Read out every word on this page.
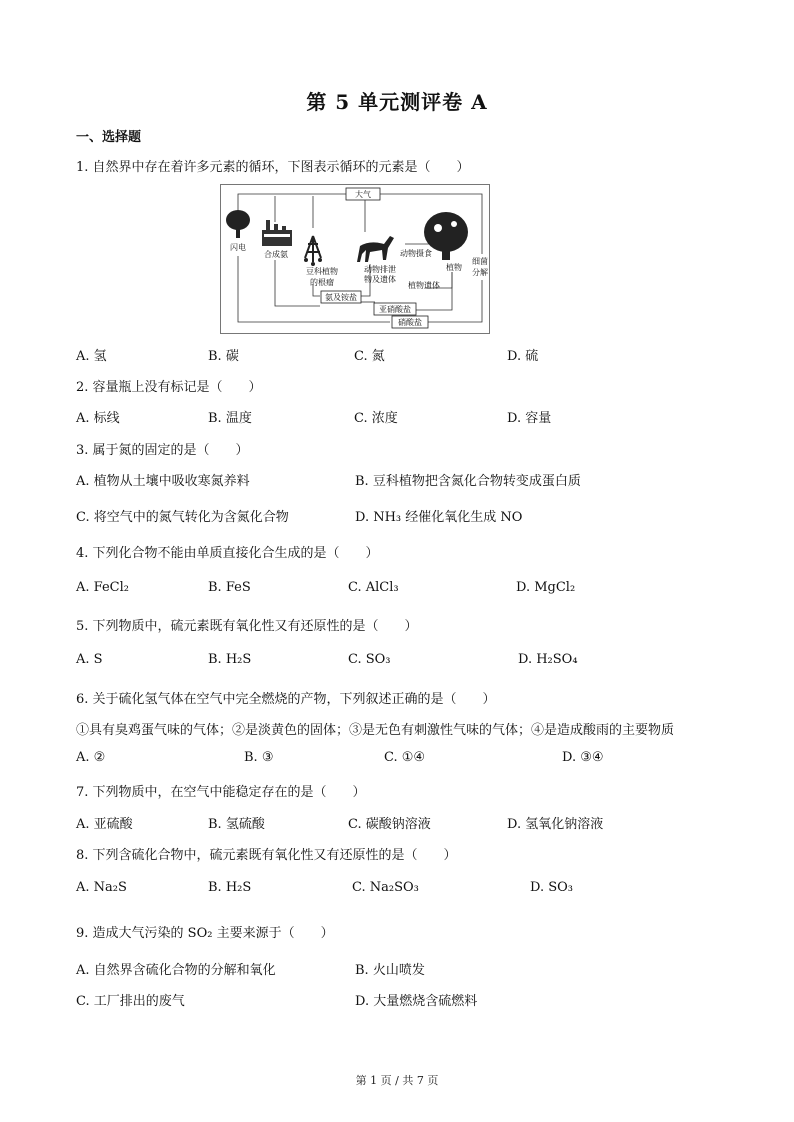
第 5 单元测评卷 A
一、选择题
1. 自然界中存在着许多元素的循环，下图表示循环的元素是（　　）
大气
闪电
合成氨
豆科植物
的根瘤
动物排泄
物及遗体
动物摄食
植物
植物遗体
细菌
分解
氨及铵盐
亚硝酸盐
硝酸盐
A. 氢	B. 碳	C. 氮	D. 硫
2. 容量瓶上没有标记是（　　）
A. 标线	B. 温度	C. 浓度	D. 容量
3. 属于氮的固定的是（　　）
A. 植物从土壤中吸收寒氮养料	B. 豆科植物把含氮化合物转变成蛋白质
C. 将空气中的氮气转化为含氮化合物	D. NH₃ 经催化氧化生成 NO
4. 下列化合物不能由单质直接化合生成的是（　　）
A. FeCl₂	B. FeS	C. AlCl₃	D. MgCl₂
5. 下列物质中，硫元素既有氧化性又有还原性的是（　　）
A. S	B. H₂S	C. SO₃	D. H₂SO₄
6. 关于硫化氢气体在空气中完全燃烧的产物，下列叙述正确的是（　　）
①具有臭鸡蛋气味的气体；②是淡黄色的固体；③是无色有刺激性气味的气体；④是造成酸雨的主要物质
A. ②	B. ③	C. ①④	D. ③④
7. 下列物质中，在空气中能稳定存在的是（　　）
A. 亚硫酸	B. 氢硫酸	C. 碳酸钠溶液	D. 氢氧化钠溶液
8. 下列含硫化合物中，硫元素既有氧化性又有还原性的是（　　）
A. Na₂S	B. H₂S	C. Na₂SO₃	D. SO₃
9. 造成大气污染的 SO₂ 主要来源于（　　）
A. 自然界含硫化合物的分解和氧化	B. 火山喷发
C. 工厂排出的废气	D. 大量燃烧含硫燃料
第 1 页 / 共 7 页
